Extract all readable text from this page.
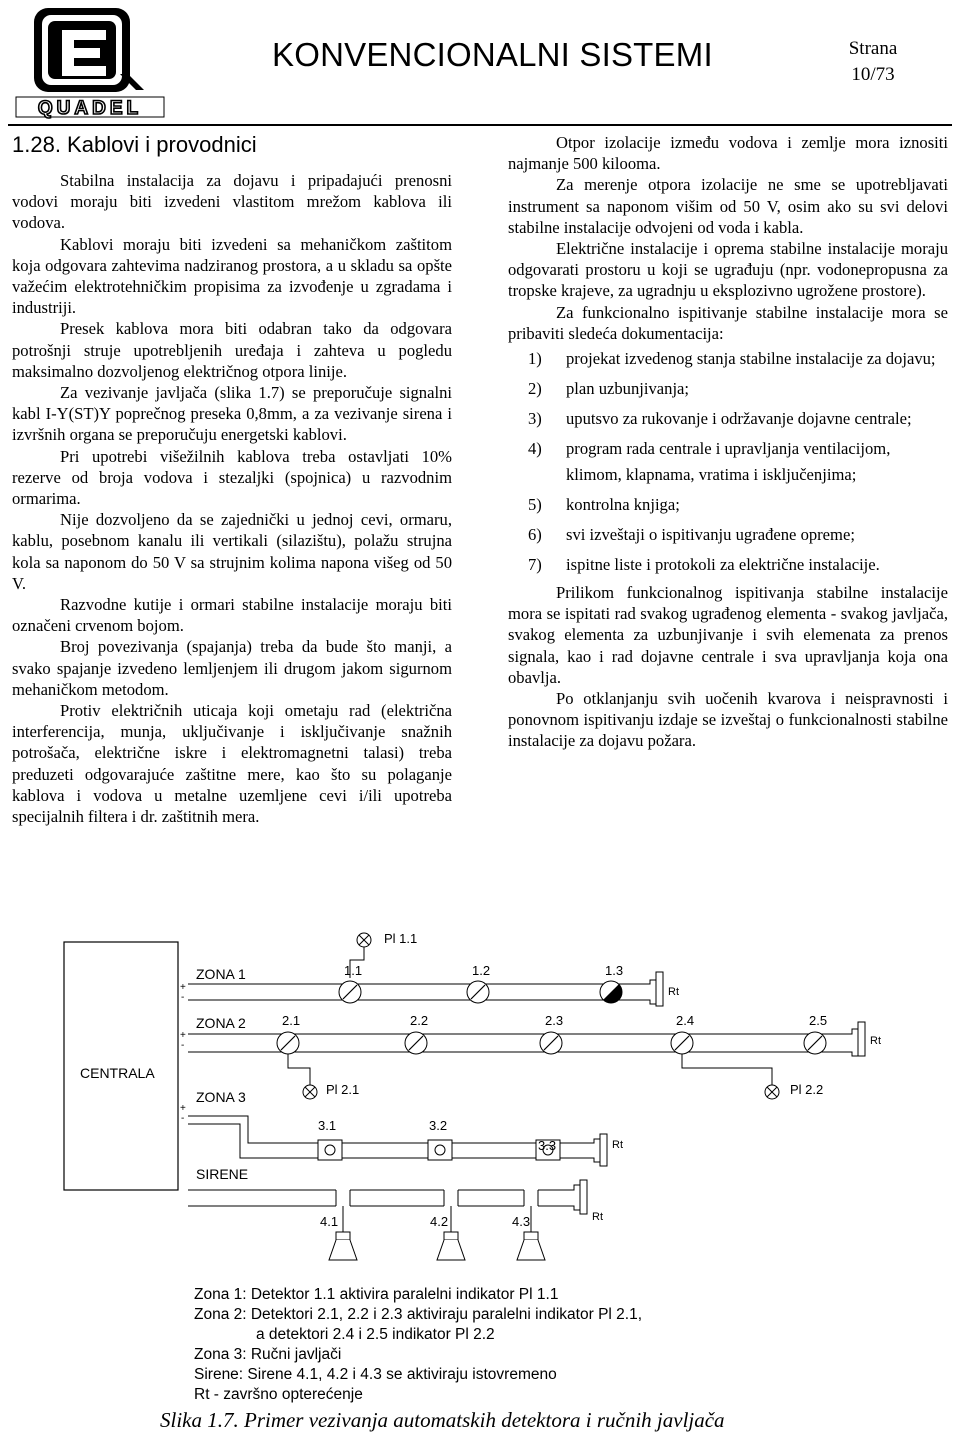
QUADEL
KONVENCIONALNI SISTEMI	Strana
10/73
1.28. Kablovi i provodnici

Stabilna instalacija za dojavu i pripadajući prenosni vodovi moraju biti izvedeni vlastitom mrežom kablova ili vodova.

Kablovi moraju biti izvedeni sa mehaničkom zaštitom koja odgovara zahtevima nadziranog prostora, a u skladu sa opšte važećim elektrotehničkim propisima za izvođenje u zgradama i industriji.

Presek kablova mora biti odabran tako da odgovara potrošnji struje upotrebljenih uređaja i zahteva u pogledu maksimalno dozvoljenog električnog otpora linije.

Za vezivanje javljača (slika 1.7) se preporučuje signalni kabl I-Y(ST)Y poprečnog preseka 0,8mm, a za vezivanje sirena i izvršnih organa se preporučuju energetski kablovi.

Pri upotrebi višežilnih kablova treba ostavljati 10% rezerve od broja vodova i stezaljki (spojnica) u razvodnim ormarima.

Nije dozvoljeno da se zajednički u jednoj cevi, ormaru, kablu, posebnom kanalu ili vertikali (silazištu), polažu strujna kola sa naponom do 50 V sa strujnim kolima napona višeg od 50 V.

Razvodne kutije i ormari stabilne instalacije moraju biti označeni crvenom bojom.

Broj povezivanja (spajanja) treba da bude što manji, a svako spajanje izvedeno lemljenjem ili drugom jakom sigurnom mehaničkom metodom.

Protiv električnih uticaja koji ometaju rad (električna interferencija, munja, uključivanje i isključivanje snažnih potrošača, električne iskre i elektromagnetni talasi) treba preduzeti odgovarajuće zaštitne mere, kao što su polaganje kablova i vodova u metalne uzemljene cevi i/ili upotreba specijalnih filtera i dr. zaštitnih mera.

Otpor izolacije između vodova i zemlje mora iznositi najmanje 500 kilooma.

Za merenje otpora izolacije ne sme se upotrebljavati instrument sa naponom višim od 50 V, osim ako su svi delovi stabilne instalacije odvojeni od voda i kabla.

Električne instalacije i oprema stabilne instalacije moraju odgovarati prostoru u koji se ugrađuju (npr. vodonepropusna za tropske krajeve, za ugradnju u eksplozivno ugrožene prostore).

Za funkcionalno ispitivanje stabilne instalacije mora se pribaviti sledeća dokumentacija:

1) projekat izvedenog stanja stabilne instalacije za dojavu;
2) plan uzbunjivanja;
3) uputsvo za rukovanje i održavanje dojavne centrale;
4) program rada centrale i upravljanja ventilacijom, klimom, klapnama, vratima i isključenjima;
5) kontrolna knjiga;
6) svi izveštaji o ispitivanju ugrađene opreme;
7) ispitne liste i protokoli za električne instalacije.

Prilikom funkcionalnog ispitivanja stabilne instalacije mora se ispitati rad svakog ugrađenog elementa - svakog javljača, svakog elementa za uzbunjivanje i svih elemenata za prenos signala, kao i rad dojavne centrale i sva upravljanja koja ona obavlja.

Po otklanjanju svih uočenih kvarova i neispravnosti i ponovnom ispitivanju izdaje se izveštaj o funkcionalnosti stabilne instalacije za dojavu požara.

CENTRALA
+
-
+
-
+
-
ZONA 1
ZONA 2
ZONA 3
SIRENE
Pl 1.1
Pl 2.1	Pl 2.2
1.1	1.2	1.3
2.1	2.2	2.3	2.4	2.5
3.1	3.2
3.3
4.1	4.2	4.3
Rt
Rt
Rt
Rt
Zona 1: Detektor 1.1 aktivira paralelni indikator Pl 1.1
Zona 2: Detektori 2.1, 2.2 i 2.3 aktiviraju paralelni indikator Pl 2.1,
a detektori 2.4 i 2.5 indikator Pl 2.2
Zona 3: Ručni javljači
Sirene: Sirene 4.1, 4.2 i 4.3 se aktiviraju istovremeno
Rt - završno opterećenje
Slika 1.7. Primer vezivanja automatskih detektora i ručnih javljača
